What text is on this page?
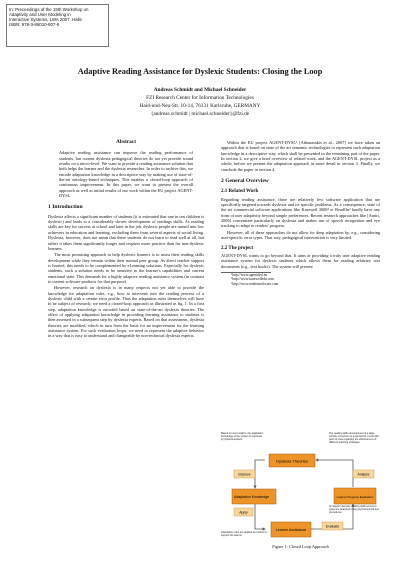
In: Preceedings of the 15th Workshop on
Adaptivity and User Modeling in
Interactive Systems, LWA 2007, Halle
ISBN: 978-3-86010-907-6
Adaptive Reading Assistance for Dyslexic Students: Closing the Loop
Andreas Schmidt and Michael Schneider
FZI Research Center for Information Technologies
Haid-und-Neu-Str. 10-14, 76131 Karlsruhe, GERMANY
{andreas.schmidt | michael.schneider}@fzi.de
Abstract

Adaptive reading assistance can improve the reading performance of students, but current dyslexia pedagogical theories do not yet provide sound results on a micro-level. We want to provide a reading assistance solution that both helps the learner and the dyslexia researcher. In order to archive this, we encode adaptation knowledge in a descriptive way by making use of state-of-the-art ontology-based techniques. This enables a closed-loop approach of continuous improvement. In this paper, we want to present the overall approach as well as initial results of our work within the EU project AGENT-DYSL.

1 Introduction

Dyslexia affects a significant number of students (it is estimated that one in ten children is dyslexic) and leads to a considerably slower development of readings skills. As reading skills are key for success at school and later in the job, dyslexic people are turned into low achievers in education and learning, excluding them from several aspects of social living. Dyslexia, however, does not mean that these students do not learn to read well at all, but rather it takes them significantly longer and requires more practice than for non-dyslexic learners.

The most promising approach to help dyslexic learners is to assist their reading skills development while they remain within their normal peer group. As direct teacher support is limited, this needs to be complemented by eLearning solutions. Especially for dyslexic students, such a solution needs to be sensitive to the learner's capabilities and current emotional state. This demands for a highly adaptive reading assistance system (in contrast to current software products for that purpose).

However, research on dyslexia is in many respects not yet able to provide the knowledge for adaptation rules, e.g., how to intervene into the reading process of a dyslexic child with a certain error profile. Thus the adaptation rules themselves will have to be subject of research; we need a closed-loop approach as illustrated in fig. 1. In a first step, adaptation knowledge is encoded based on state-of-the-art dyslexia theories. The effect of applying adaptation knowledge in providing learning assistance to students is then assessed in a subsequent step by dyslexia experts. Based on that assessment, dyslexia theories are modified, which in turn form the basis for an improvement for the learning assistance system. For such evaluation loops, we need to represent the adaptive behavior in a way that is easy to understand and changeable by non-technical dyslexia experts.

Within the EU project AGENT-DYSL¹ [Athanasakis et al., 2007] we have taken an approach that is based on state of the art semantic technologies to represent such adaptation knowledge in a descriptive way, which shall be presented in the remaining part of the paper. In section 2, we give a brief overview of related work, and the AGENT-DYSL project as a whole, before we present the adaptation approach in more detail in section 3. Finally, we conclude the paper in section 4.

2 General Overview
2.1 Related Work

Regarding reading assistance, there are relatively few software application that are specifically targeted towards dyslexia and its specific problems. As a consequence, state of the art commercial software applications like Kurzweil 3000² or ReadOn³ hardly have any form of user adaptivity beyond simple preferences. Recent research approaches like [Amiri, 2006] concentrate particularly on dyslexia and makes use of speech recognition and eye tracking to adapt to readers' progress.

However, all of these approaches do not allow for deep adaptation by, e.g., considering user-specific error types. That way, pedagogical intervention is very limited.

2.2 The project

AGENT-DYSL wants to go beyond that. It aims at providing a truly user adaptive reading assistance system for dyslexic students which allows them for reading arbitrary text documents (e.g., text books). The system will present

¹http://www.agentdysl.eu
²http://www.kurzweiledu.com
³http://www.readonsoftware.com
Dyslexia Theories
Adaptation Knowledge	Learner Progress Evaluation
Learner Assistance
Improve	Analyze
Apply
Evaluate
Based on new insights, the adaptation knowledge of the system is improved by dyslexia experts.
The reading skills development of a large sample of learners is analyzed for a scientific point of view regarding the effectiveness of different teaching strategies.
Adaptation rules are applied at runtime to support the learner.
At regular intervals, reading skills and error types are analyzed using psychometrical test procedures.
Figure 1: Closed Loop Approach
